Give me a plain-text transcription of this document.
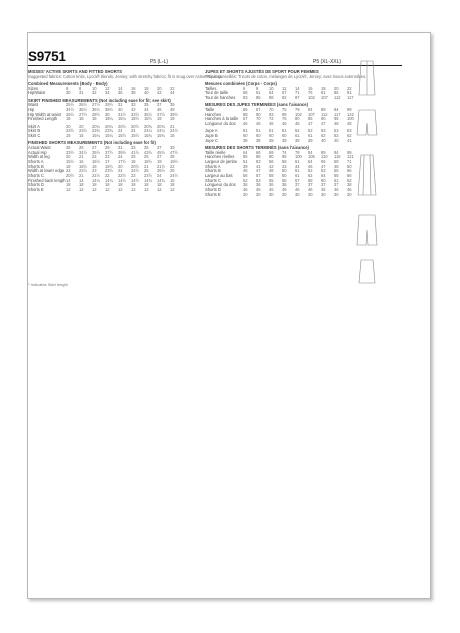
S9751	P5 (L-L)	P5 (XL-XXL)
MISSES' ACTIVE SKIRTS AND FITTED SHORTS
Suggested fabrics: Cotton knits, Lycra® blends, Jersey; with stretchy fabrics; fit is snug over Active Ripstop.
Combined Measurements (Body - Body)
Sizes	6	8	10	12	14	16	18	20	22
Hip/Waist	30	31	32	34	36	38	40	42	44
SKIRT FINISHED MEASUREMENTS (Not including ease for fit; see skirt)
Waist	25½	26½	27½	29½	31	33	35	37	39
Hip	34½	35½	36½	38½	40	42	44	46	48
Hip Width at waist	26½	27½	28½	30	31½	33½	35½	37½	39½
Finished Length	18	18	18	18¼	18¼	18½	18½	19	19
Skirt A	20	20	20¼	20¼	20½	20½	20¾	20¾	21
Skirt B	23½	23½	23¾	23¾	24	24	24¼	24¼	24½
Skirt C	15	15	15¼	15¼	15½	15½	15¾	15¾	16
FINISHED SHORTS MEASUREMENTS (Not including ease for fit)
Actual Waist	25	26	27	29	31	33	35	37	39
Actual Hip	33½	34½	35½	37½	39½	41½	43½	45½	47½
Width at leg	20	21	22	23	24	25	26	27	28
Shorts A	15½	16	16½	17	17½	18	18½	19	19½
Shorts B	18	18½	19	19½	20	20½	21	21½	22
Width at lower edge 22	22½	23	23½	24	24½	25	25½	26
Shorts C	20½	21	21½	22	22½	23	23½	24	24½
Finished back length 14	14	14¼	14¼	14½	14½	14¾	14¾	15
Shorts D	18	18	18	18	18	18	18	18	18
Shorts E	12	12	12	12	12	12	12	12	12
JUPES ET SHORTS AJUSTÉS DE SPORT POUR FEMMES
Tissus conseillés: Tricots de coton, mélanges de Lycra®, Jersey; avec tissus extensibles.
Mesures combinées (Corps - Corps)
Tailles	6	8	10	12	14	16	18	20	22
Tour de taille	58	61	64	67	71	76	81	86	91
Tour de hanches	83	85	88	92	97	102	107	112	117
MESURES DES JUPES TERMINÉES (sans l'aisance)
Taille	65	67	70	75	79	84	89	94	99
Hanches	88	90	93	98	102	107	112	117	122
Hanches à la taille	67	70	72	76	80	85	90	95	100
Longueur du dos	46	46	46	46	46	47	47	48	48
Jupe A	51	51	51	51	52	52	53	53	53
Jupe B	60	60	60	60	61	61	62	62	62
Jupe C	38	38	39	39	39	39	40	40	41
MESURES DES SHORTS TERMINÉS (sans l'aisance)
Taille réelle	64	66	69	74	79	84	89	94	99
Hanches réelles	85	88	90	95	100	105	110	116	121
Largeur de jambe	51	53	56	58	61	64	66	69	71
Shorts A	39	41	42	43	44	46	47	48	50
Shorts B	46	47	48	50	51	52	53	55	56
Largeur au bas	56	57	58	60	61	62	64	65	66
Shorts C	52	53	55	56	57	58	60	61	62
Longueur du dos	36	36	36	36	37	37	37	37	38
Shorts D	46	46	46	46	46	46	46	46	46
Shorts E	30	30	30	30	30	30	30	30	30
* Indicates Skirt length
